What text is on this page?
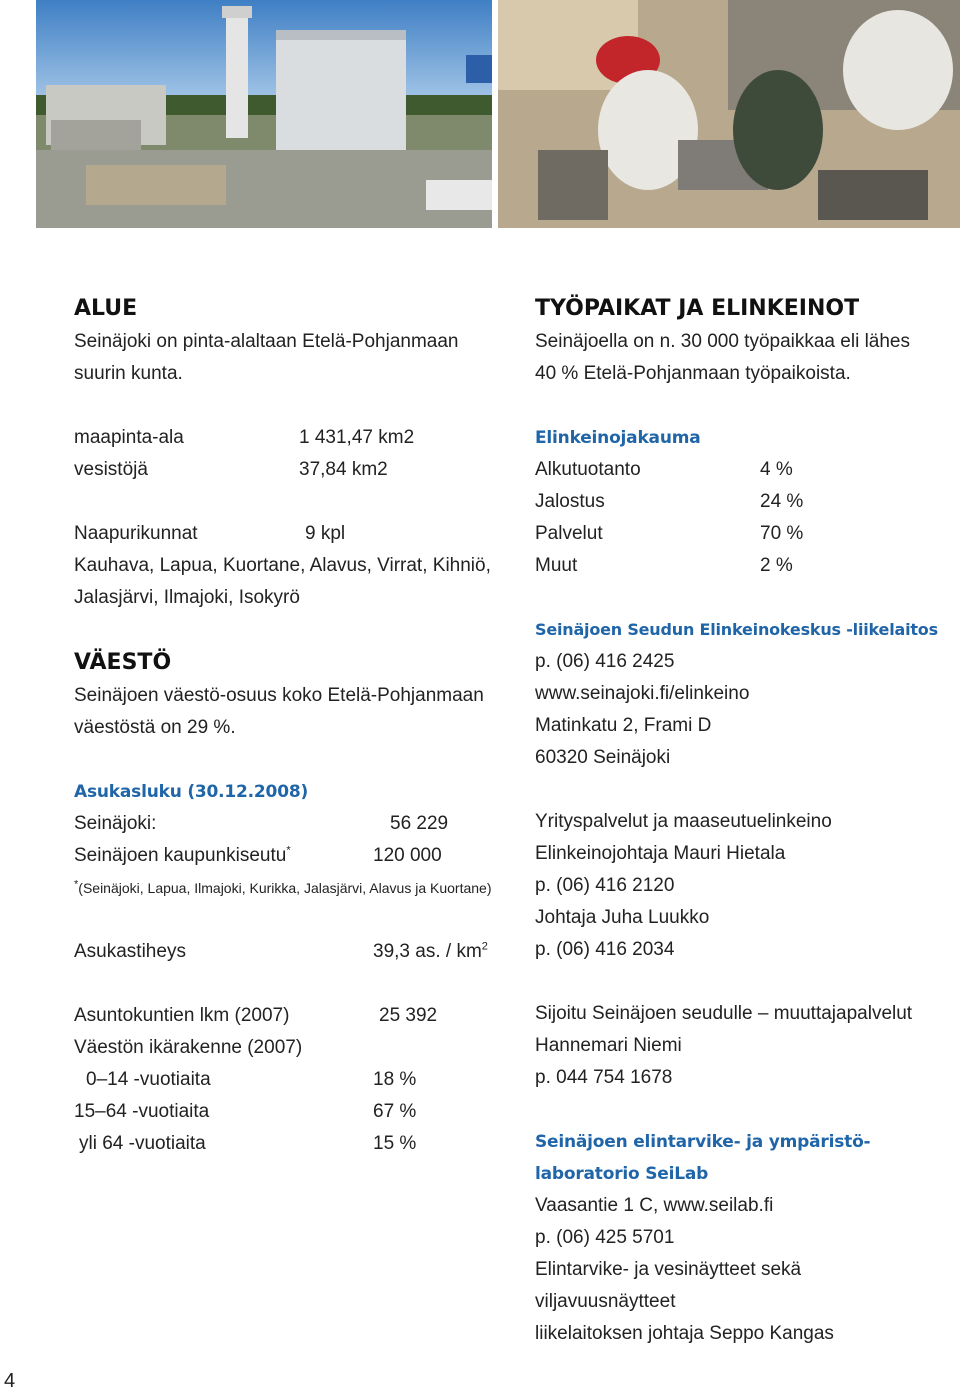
ALUE
Seinäjoki on pinta-alaltaan Etelä-Pohjanmaan
suurin kunta.
maapinta-ala	1 431,47 km2
vesistöjä	37,84 km2
Naapurikunnat	9 kpl
Kauhava, Lapua, Kuortane, Alavus, Virrat, Kihniö,
Jalasjärvi, Ilmajoki, Isokyrö
VÄESTÖ
Seinäjoen väestö-osuus koko Etelä-Pohjanmaan
väestöstä on 29 %.
Asukasluku (30.12.2008)
Seinäjoki:	56 229
Seinäjoen kaupunkiseutu*	120 000
*(Seinäjoki, Lapua, Ilmajoki, Kurikka, Jalasjärvi, Alavus ja Kuortane)
Asukastiheys	39,3 as. / $km^2$
Asuntokuntien lkm (2007)	25 392
Väestön ikärakenne (2007)
0–14 -vuotiaita	18 %
15–64 -vuotiaita	67 %
yli 64 -vuotiaita	15 %
TYÖPAIKAT JA ELINKEINOT
Seinäjoella on n. 30 000 työpaikkaa eli lähes
40 % Etelä-Pohjanmaan työpaikoista.
Elinkeinojakauma
Alkutuotanto	4 %
Jalostus	24 %
Palvelut	70 %
Muut	2 %
Seinäjoen Seudun Elinkeinokeskus -liikelaitos
p. (06) 416 2425
www.seinajoki.fi/elinkeino
Matinkatu 2, Frami D
60320 Seinäjoki
Yrityspalvelut ja maaseutuelinkeino
Elinkeinojohtaja Mauri Hietala
p. (06) 416 2120
Johtaja Juha Luukko
p. (06) 416 2034
Sijoitu Seinäjoen seudulle – muuttajapalvelut
Hannemari Niemi
p. 044 754 1678
Seinäjoen elintarvike- ja ympäristö-
laboratorio SeiLab
Vaasantie 1 C, www.seilab.fi
p. (06) 425 5701
Elintarvike- ja vesinäytteet sekä
viljavuusnäytteet
liikelaitoksen johtaja Seppo Kangas
4
